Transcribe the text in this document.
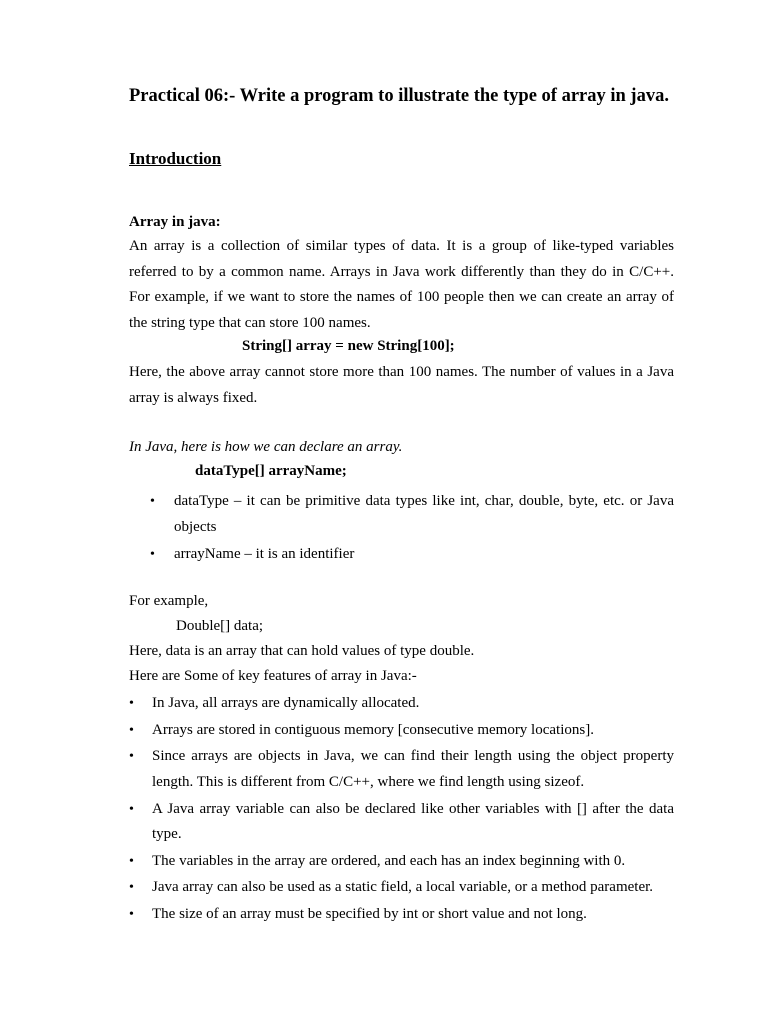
Practical 06:- Write a program to illustrate the type of array in java.

Introduction

Array in java:

An array is a collection of similar types of data. It is a group of like-typed variables
referred to by a common name. Arrays in Java work differently than they do in C/C++.
For example, if we want to store the names of 100 people then we can create an array of
the string type that can store 100 names.

String[] array = new String[100];

Here, the above array cannot store more than 100 names. The number of values in a Java
array is always fixed.

In Java, here is how we can declare an array.

dataType[] arrayName;

• dataType – it can be primitive data types like int, char, double, byte, etc. or Java
objects
• arrayName – it is an identifier

For example,

Double[] data;

Here, data is an array that can hold values of type double.

Here are Some of key features of array in Java:-

• In Java, all arrays are dynamically allocated.
• Arrays are stored in contiguous memory [consecutive memory locations].
• Since arrays are objects in Java, we can find their length using the object property length. This is different from C/C++, where we find length using sizeof.
• A Java array variable can also be declared like other variables with [] after the data type.
• The variables in the array are ordered, and each has an index beginning with 0.
• Java array can also be used as a static field, a local variable, or a method parameter.
• The size of an array must be specified by int or short value and not long.
